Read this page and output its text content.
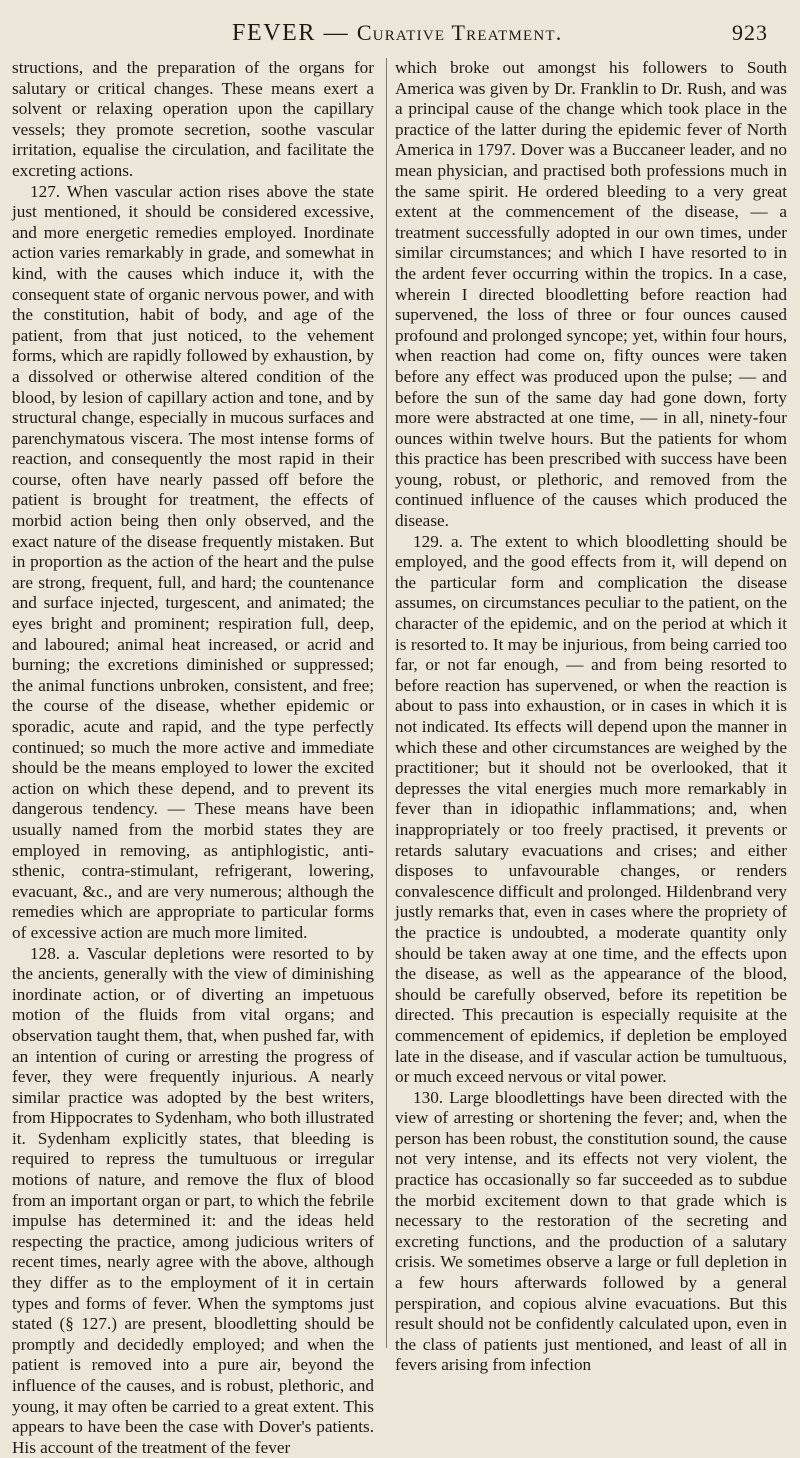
FEVER — Curative Treatment.	923

structions, and the preparation of the organs for salutary or critical changes. These means exert a solvent or relaxing operation upon the capillary vessels; they promote secretion, soothe vascular irritation, equalise the circulation, and facilitate the excreting actions.

127. When vascular action rises above the state just mentioned, it should be considered excessive, and more energetic remedies employed. Inordinate action varies remarkably in grade, and somewhat in kind, with the causes which induce it, with the consequent state of organic nervous power, and with the constitution, habit of body, and age of the patient, from that just noticed, to the vehement forms, which are rapidly followed by exhaustion, by a dissolved or otherwise altered condition of the blood, by lesion of capillary action and tone, and by structural change, especially in mucous surfaces and parenchymatous viscera. The most intense forms of reaction, and consequently the most rapid in their course, often have nearly passed off before the patient is brought for treatment, the effects of morbid action being then only observed, and the exact nature of the disease frequently mistaken. But in proportion as the action of the heart and the pulse are strong, frequent, full, and hard; the countenance and surface injected, turgescent, and animated; the eyes bright and prominent; respiration full, deep, and laboured; animal heat increased, or acrid and burning; the excretions diminished or suppressed; the animal functions unbroken, consistent, and free; the course of the disease, whether epidemic or sporadic, acute and rapid, and the type perfectly continued; so much the more active and immediate should be the means employed to lower the excited action on which these depend, and to prevent its dangerous tendency. — These means have been usually named from the morbid states they are employed in removing, as antiphlogistic, anti-sthenic, contra-stimulant, refrigerant, lowering, evacuant, &c., and are very numerous; although the remedies which are appropriate to particular forms of excessive action are much more limited.

128. a. Vascular depletions were resorted to by the ancients, generally with the view of diminishing inordinate action, or of diverting an impetuous motion of the fluids from vital organs; and observation taught them, that, when pushed far, with an intention of curing or arresting the progress of fever, they were frequently injurious. A nearly similar practice was adopted by the best writers, from Hippocrates to Sydenham, who both illustrated it. Sydenham explicitly states, that bleeding is required to repress the tumultuous or irregular motions of nature, and remove the flux of blood from an important organ or part, to which the febrile impulse has determined it: and the ideas held respecting the practice, among judicious writers of recent times, nearly agree with the above, although they differ as to the employment of it in certain types and forms of fever. When the symptoms just stated (§ 127.) are present, bloodletting should be promptly and decidedly employed; and when the patient is removed into a pure air, beyond the influence of the causes, and is robust, plethoric, and young, it may often be carried to a great extent. This appears to have been the case with Dover's patients. His account of the treatment of the fever

which broke out amongst his followers to South America was given by Dr. Franklin to Dr. Rush, and was a principal cause of the change which took place in the practice of the latter during the epidemic fever of North America in 1797. Dover was a Buccaneer leader, and no mean physician, and practised both professions much in the same spirit. He ordered bleeding to a very great extent at the commencement of the disease, — a treatment successfully adopted in our own times, under similar circumstances; and which I have resorted to in the ardent fever occurring within the tropics. In a case, wherein I directed bloodletting before reaction had supervened, the loss of three or four ounces caused profound and prolonged syncope; yet, within four hours, when reaction had come on, fifty ounces were taken before any effect was produced upon the pulse; — and before the sun of the same day had gone down, forty more were abstracted at one time, — in all, ninety-four ounces within twelve hours. But the patients for whom this practice has been prescribed with success have been young, robust, or plethoric, and removed from the continued influence of the causes which produced the disease.

129. a. The extent to which bloodletting should be employed, and the good effects from it, will depend on the particular form and complication the disease assumes, on circumstances peculiar to the patient, on the character of the epidemic, and on the period at which it is resorted to. It may be injurious, from being carried too far, or not far enough, — and from being resorted to before reaction has supervened, or when the reaction is about to pass into exhaustion, or in cases in which it is not indicated. Its effects will depend upon the manner in which these and other circumstances are weighed by the practitioner; but it should not be overlooked, that it depresses the vital energies much more remarkably in fever than in idiopathic inflammations; and, when inappropriately or too freely practised, it prevents or retards salutary evacuations and crises; and either disposes to unfavourable changes, or renders convalescence difficult and prolonged. Hildenbrand very justly remarks that, even in cases where the propriety of the practice is undoubted, a moderate quantity only should be taken away at one time, and the effects upon the disease, as well as the appearance of the blood, should be carefully observed, before its repetition be directed. This precaution is especially requisite at the commencement of epidemics, if depletion be employed late in the disease, and if vascular action be tumultuous, or much exceed nervous or vital power.

130. Large bloodlettings have been directed with the view of arresting or shortening the fever; and, when the person has been robust, the constitution sound, the cause not very intense, and its effects not very violent, the practice has occasionally so far succeeded as to subdue the morbid excitement down to that grade which is necessary to the restoration of the secreting and excreting functions, and the production of a salutary crisis. We sometimes observe a large or full depletion in a few hours afterwards followed by a general perspiration, and copious alvine evacuations. But this result should not be confidently calculated upon, even in the class of patients just mentioned, and least of all in fevers arising from infection
